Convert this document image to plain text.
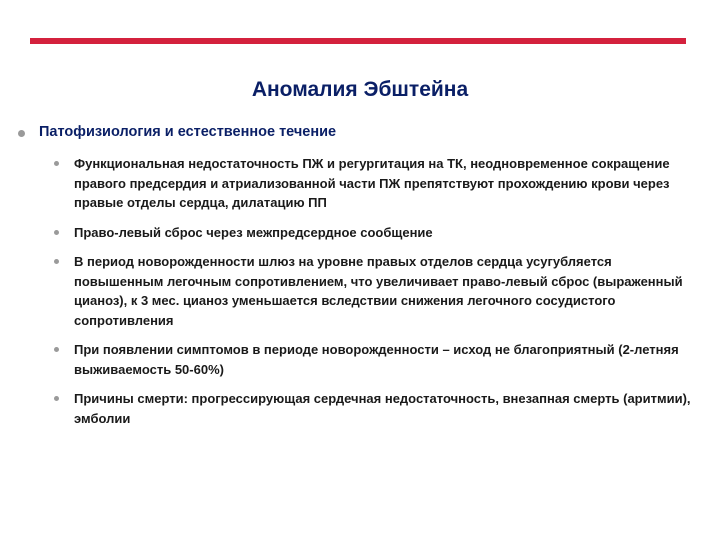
Аномалия Эбштейна
Патофизиология и естественное течение
Функциональная недостаточность ПЖ и регургитация на ТК, неодновременное сокращение правого предсердия и атриализованной части ПЖ препятствуют прохождению крови через правые отделы сердца, дилатацию ПП
Право-левый сброс через межпредсердное сообщение
В период новорожденности шлюз на уровне правых отделов сердца усугубляется повышенным легочным сопротивлением, что увеличивает право-левый сброс (выраженный цианоз), к 3 мес. цианоз уменьшается вследствии снижения легочного сосудистого сопротивления
При появлении симптомов в периоде новорожденности – исход не благоприятный (2-летняя выживаемость 50-60%)
Причины смерти: прогрессирующая сердечная недостаточность, внезапная смерть (аритмии), эмболии
